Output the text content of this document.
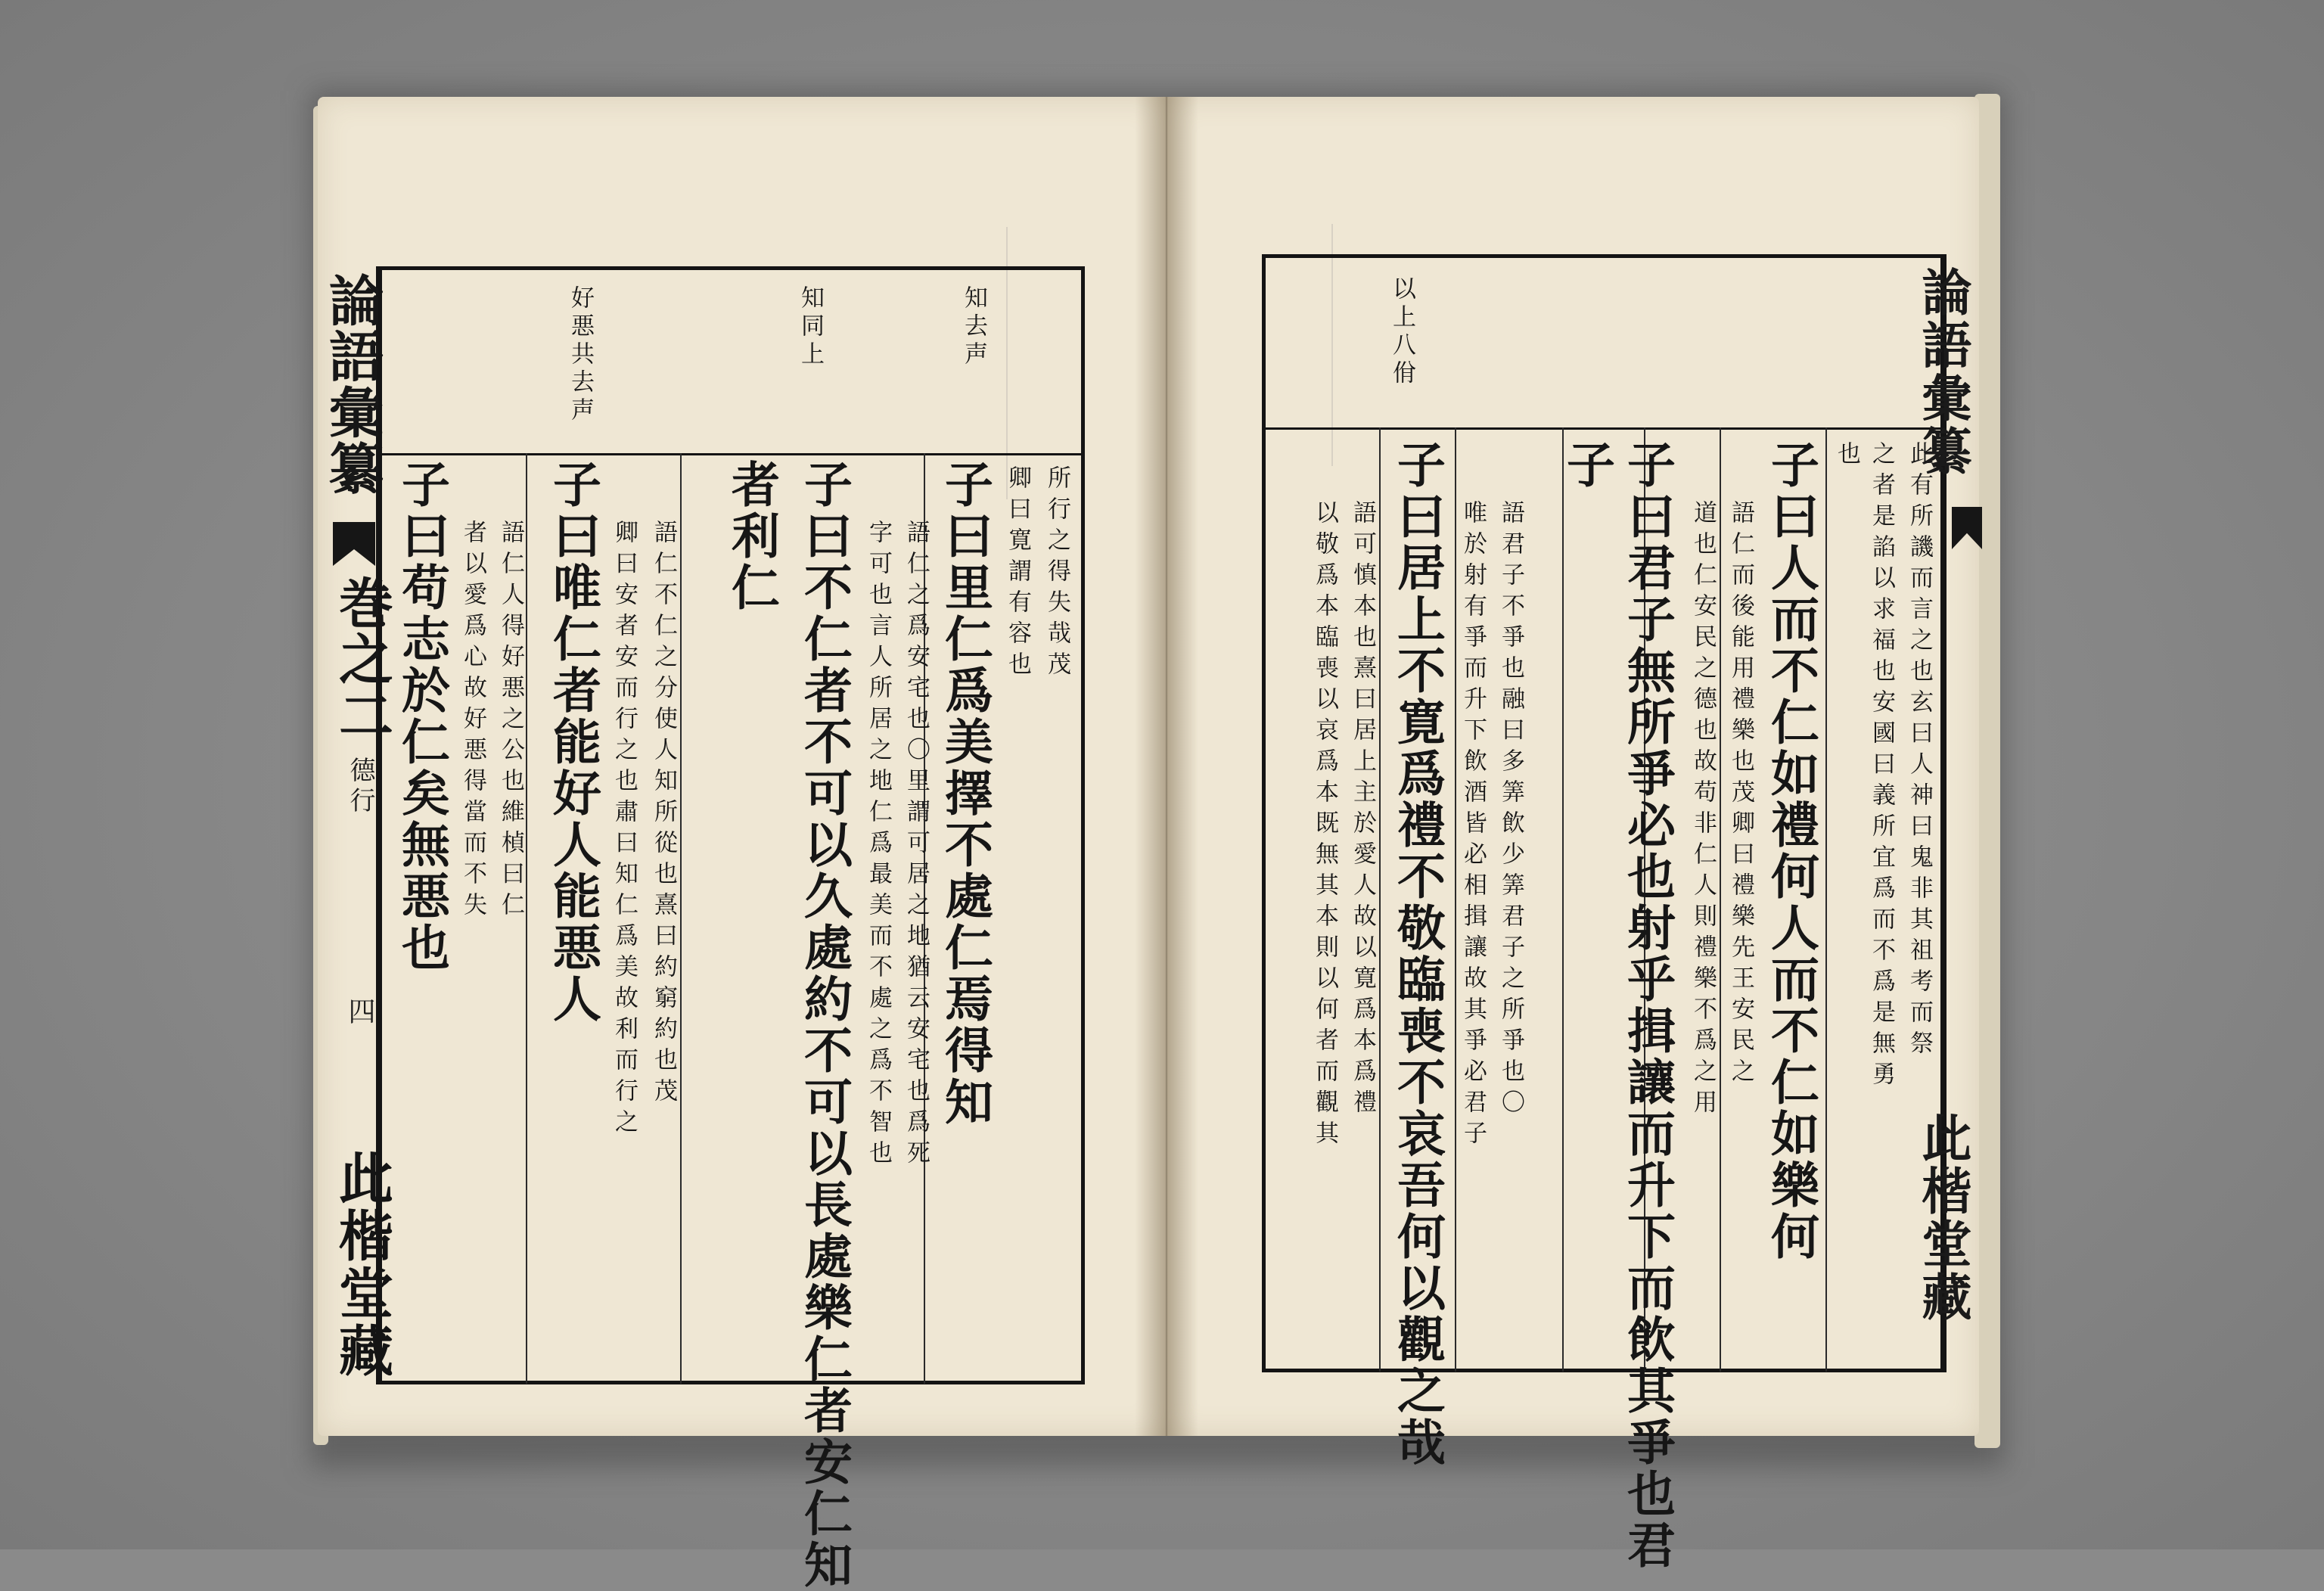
論語彙纂
巻之二
德行
四
此楷堂藏
知去声
知同上
好悪共去声
所行之得失哉茂
卿曰寛謂有容也
子曰里仁爲美擇不處仁焉得知
語仁之爲安宅也〇里謂可居之地猶云安宅也爲死
字可也言人所居之地仁爲最美而不處之爲不智也
子曰不仁者不可以久處約不可以長處樂仁者安仁知
者利仁
語仁不仁之分使人知所從也熹曰約窮約也茂
卿曰安者安而行之也肅曰知仁爲美故利而行之
子曰唯仁者能好人能悪人
語仁人得好悪之公也維楨曰仁
者以愛爲心故好悪得當而不失
子曰苟志於仁矣無悪也
以上八佾
此有所譏而言之也玄曰人神曰鬼非其祖考而祭
之者是諂以求福也安國曰義所宜爲而不爲是無勇
也
子曰人而不仁如禮何人而不仁如樂何
語仁而後能用禮樂也茂卿曰禮樂先王安民之
道也仁安民之德也故苟非仁人則禮樂不爲之用
子曰君子無所爭必也射乎揖讓而升下而飲其爭也君
子
語君子不爭也融曰多筭飲少筭君子之所爭也〇
唯於射有爭而升下飲酒皆必相揖讓故其爭必君子
子曰居上不寛爲禮不敬臨喪不哀吾何以觀之哉
語可慎本也熹曰居上主於愛人故以寛爲本爲禮
以敬爲本臨喪以哀爲本既無其本則以何者而觀其
論語彙纂
此楷堂藏
